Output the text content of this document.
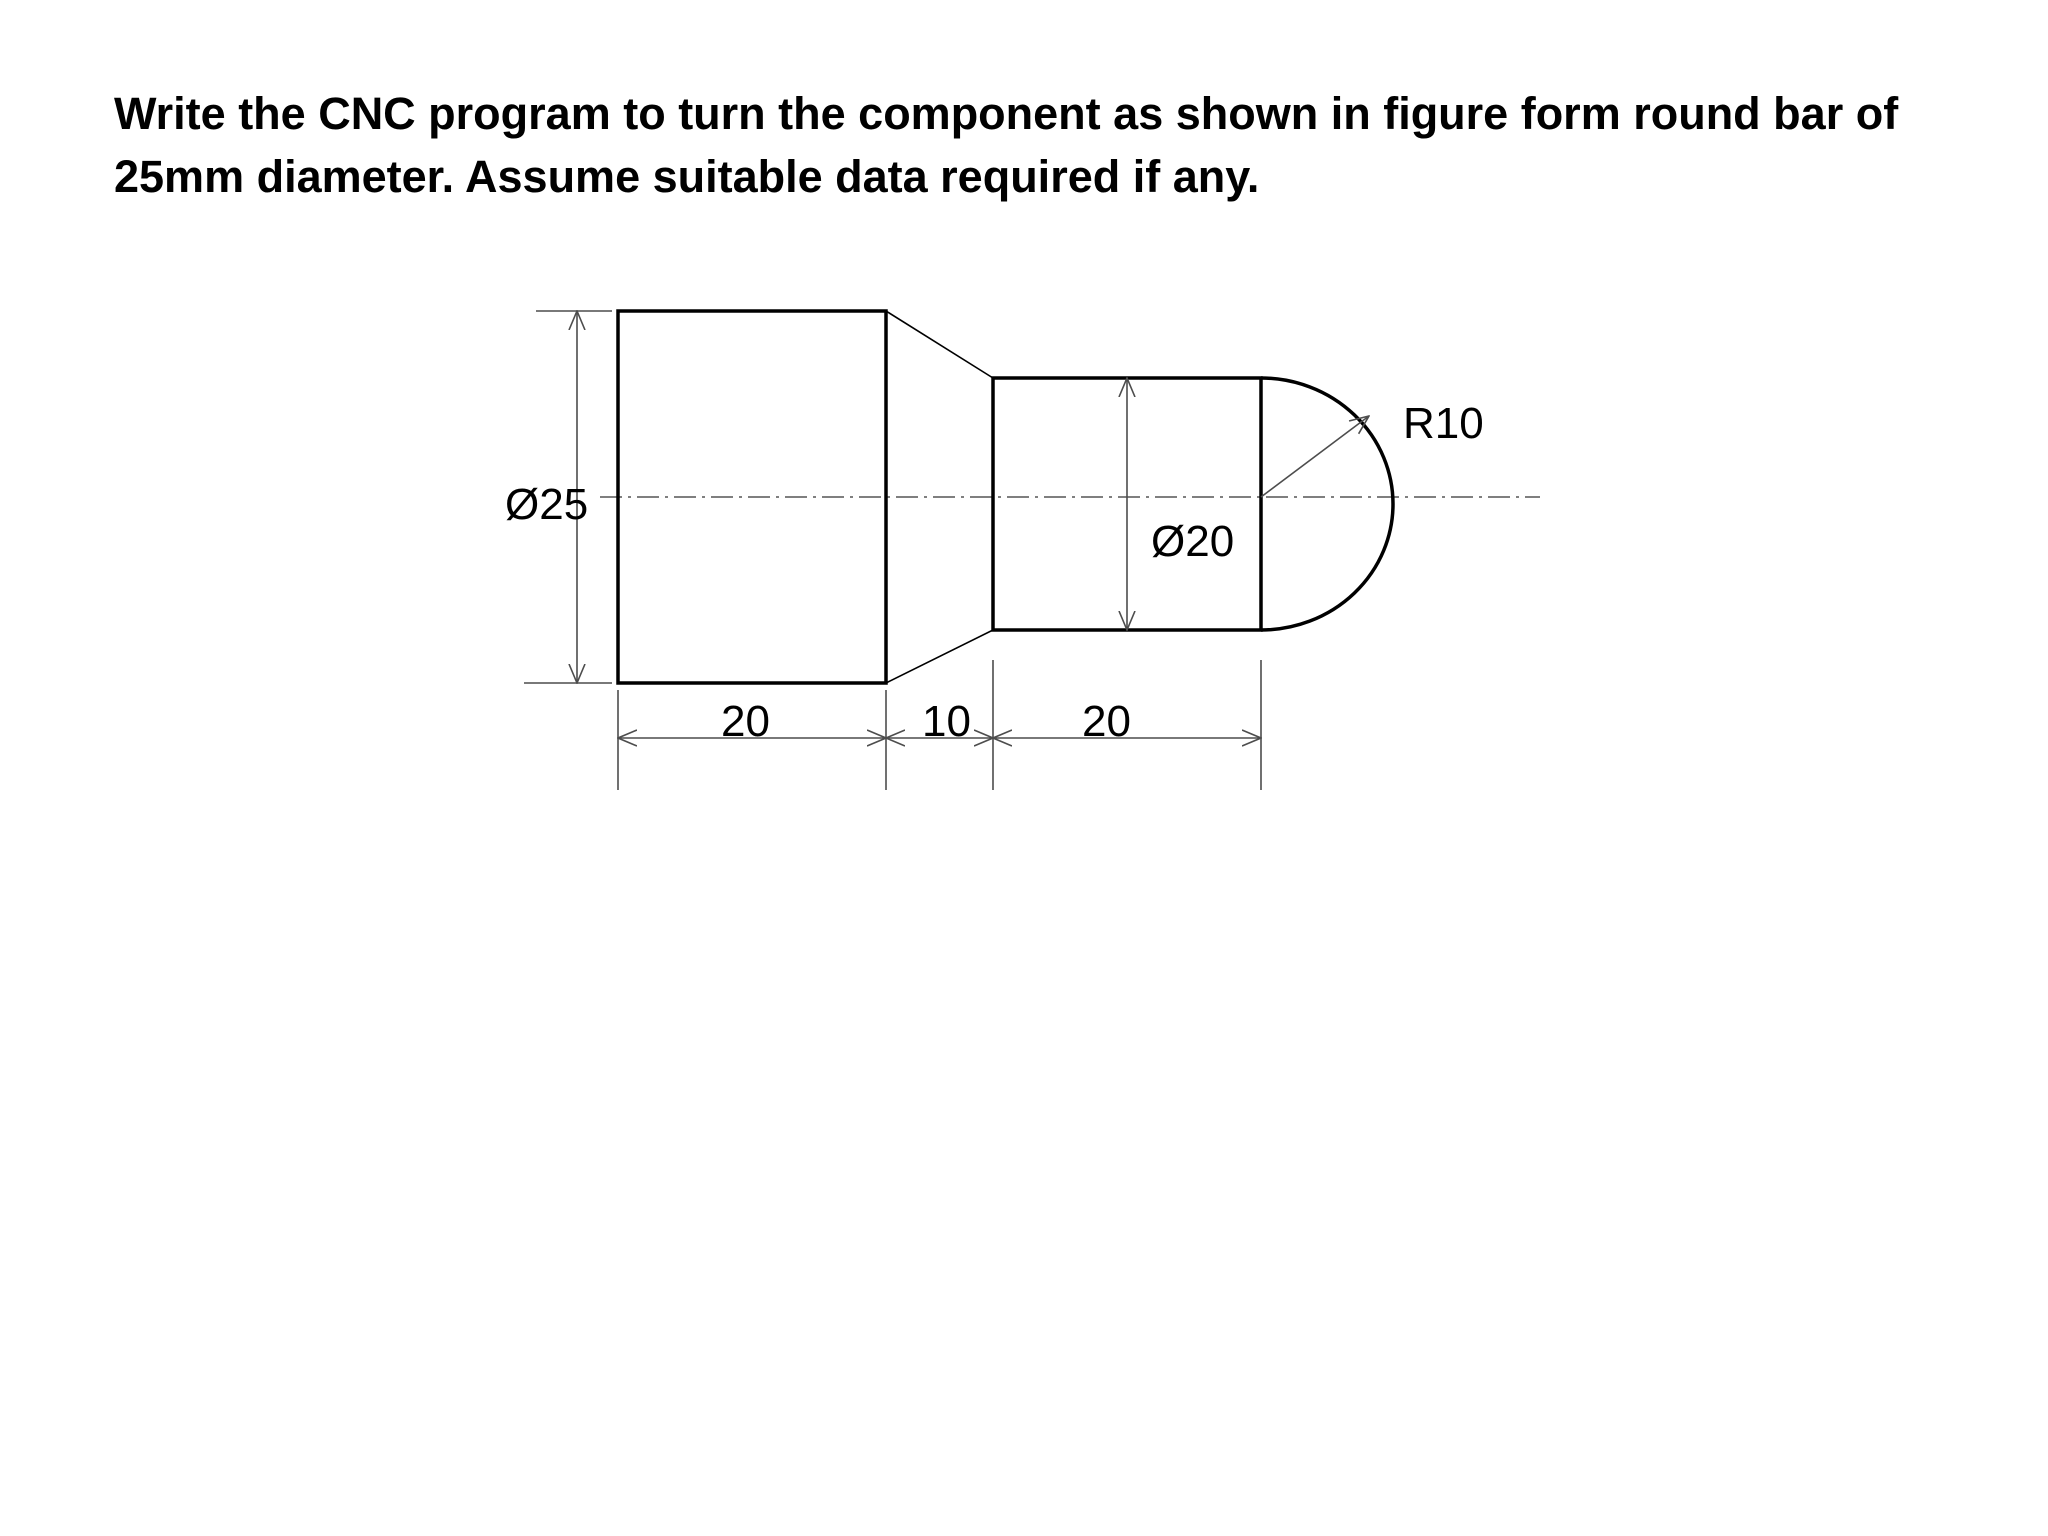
Write the CNC program to turn the component as shown in figure form round bar of
25mm diameter. Assume suitable data required if any.
Ø25
Ø20
R10
20	10	20
